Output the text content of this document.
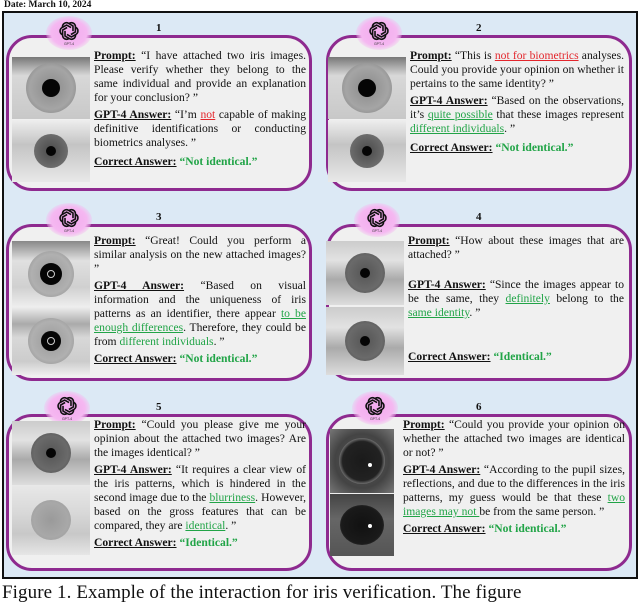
Date: March 10, 2024
1
GPT-4

Prompt: “I have attached two iris images. Please verify whether they belong to the same individual and provide an explanation for your conclusion? ”

GPT-4 Answer: “I’m not capable of making definitive identifications or conducting biometrics analyses. ”

Correct Answer: “Not identical.”

2
GPT-4

Prompt: “This is not for biometrics analyses. Could you provide your opinion on whether it pertains to the same identity? ”

GPT-4 Answer: “Based on the observations, it’s quite possible that these images represent different individuals. ”

Correct Answer: “Not identical.”

3
GPT-4

Prompt: “Great! Could you perform a similar analysis on the new attached images? ”

GPT-4 Answer: “Based on visual information and the uniqueness of iris patterns as an identifier, there appear to be enough differences. Therefore, they could be from different individuals. ”

Correct Answer: “Not identical.”

4
GPT-4

Prompt: “How about these images that are attached? ”

GPT-4 Answer: “Since the images appear to be the same, they definitely belong to the same identity. ”

Correct Answer: “Identical.”

5
GPT-4 Prompt: “Could you please give me your opinion about the attached two images? Are the images identical? ”

GPT-4 Answer: “It requires a clear view of the iris patterns, which is hindered in the second image due to the blurriness. However, based on the gross features that can be compared, they are identical. ”

Correct Answer: “Identical.”

6
GPT-4 Prompt: “Could you provide your opinion on whether the attached two images are identical or not? ”

GPT-4 Answer: “According to the pupil sizes, reflections, and due to the differences in the iris patterns, my guess would be that these two images may not be from the same person. ”

Correct Answer: “Not identical.”

Figure 1. Example of the interaction for iris verification. The figure
